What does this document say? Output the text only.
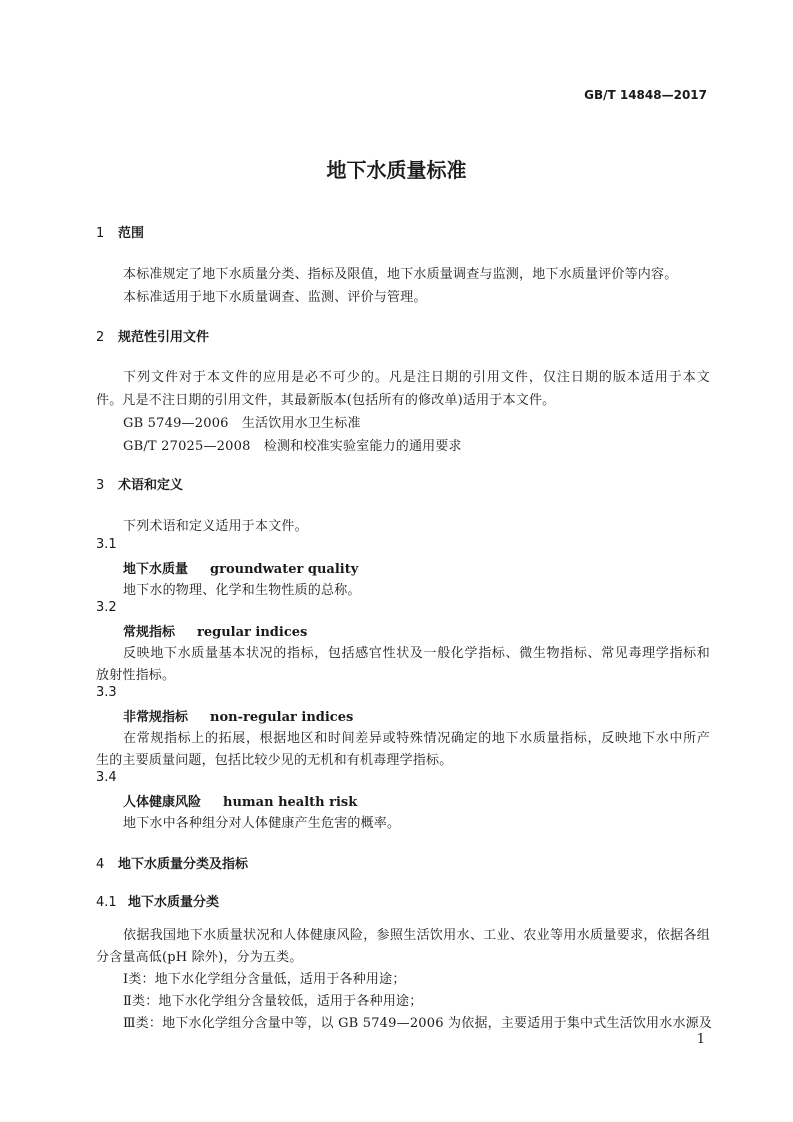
GB/T 14848—2017
地下水质量标准
1 范围
本标准规定了地下水质量分类、指标及限值，地下水质量调查与监测，地下水质量评价等内容。
本标准适用于地下水质量调查、监测、评价与管理。
2 规范性引用文件
下列文件对于本文件的应用是必不可少的。凡是注日期的引用文件，仅注日期的版本适用于本文
件。凡是不注日期的引用文件，其最新版本(包括所有的修改单)适用于本文件。
GB 5749—2006　生活饮用水卫生标准
GB/T 27025—2008　检测和校准实验室能力的通用要求
3 术语和定义
下列术语和定义适用于本文件。
3.1
地下水质量 groundwater quality
地下水的物理、化学和生物性质的总称。
3.2
常规指标 regular indices
反映地下水质量基本状况的指标，包括感官性状及一般化学指标、微生物指标、常见毒理学指标和
放射性指标。
3.3
非常规指标 non-regular indices
在常规指标上的拓展，根据地区和时间差异或特殊情况确定的地下水质量指标，反映地下水中所产
生的主要质量问题，包括比较少见的无机和有机毒理学指标。
3.4
人体健康风险 human health risk
地下水中各种组分对人体健康产生危害的概率。
4 地下水质量分类及指标
4.1 地下水质量分类
依据我国地下水质量状况和人体健康风险，参照生活饮用水、工业、农业等用水质量要求，依据各组
分含量高低(pH 除外)，分为五类。
Ⅰ类：地下水化学组分含量低，适用于各种用途；
Ⅱ类：地下水化学组分含量较低，适用于各种用途；
Ⅲ类：地下水化学组分含量中等，以 GB 5749—2006 为依据，主要适用于集中式生活饮用水水源及
1
